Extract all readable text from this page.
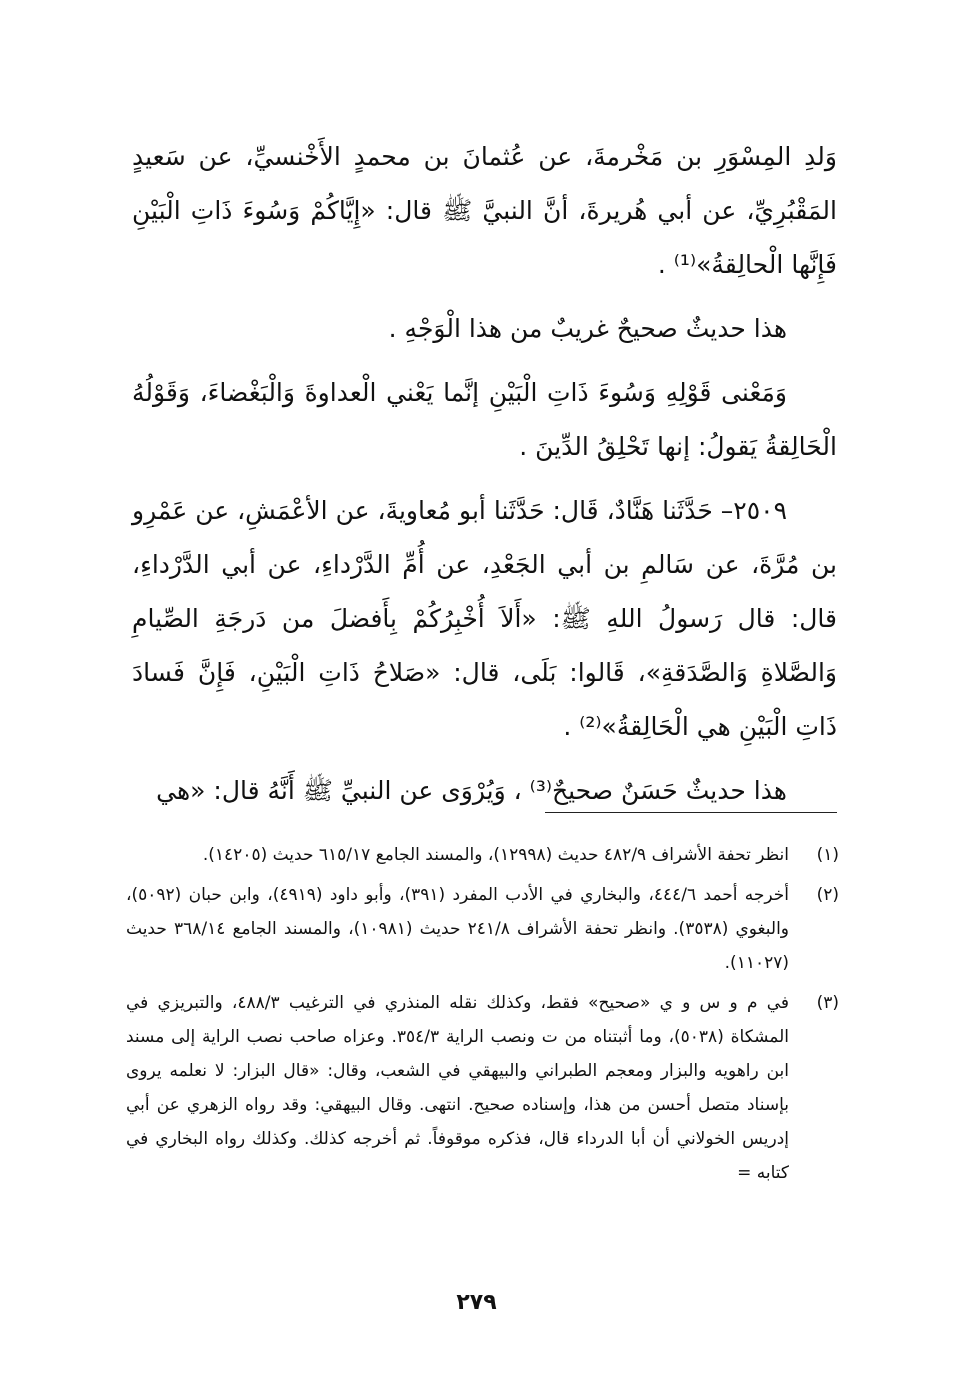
وَلدِ المِسْوَرِ بن مَخْرمةَ، عن عُثمانَ بن محمدٍ الأَخْنسيِّ، عن سَعيدٍ المَقْبُرِيِّ، عن أبي هُريرةَ، أنَّ النبيَّ ﷺ قال: «إِيَّاكُمْ وَسُوءَ ذَاتِ الْبَيْنِ فَإِنَّها الْحالِقةُ»⁽¹⁾ .

هذا حديثٌ صحيحٌ غريبٌ من هذا الْوَجْهِ .

وَمَعْنى قَوْلِهِ وَسُوءَ ذَاتِ الْبَيْنِ إنَّما يَعْني الْعداوةَ وَالْبَغْضاءَ، وَقَوْلُهُ الْحَالِقةُ يَقولُ: إنها تَحْلِقُ الدِّينَ .

٢٥٠٩– حَدَّثَنا هَنَّادٌ، قَال: حَدَّثَنا أبو مُعاويةَ، عن الأعْمَشِ، عن عَمْرِو بن مُرَّةَ، عن سَالمِ بن أبي الجَعْدِ، عن أُمِّ الدَّرْداءِ، عن أبي الدَّرْداءِ، قال: قال رَسولُ اللهِ ﷺ: «أَلاَ أُخْبِرُكُمْ بِأَفضلَ من دَرجَةِ الصِّيامِ وَالصَّلاةِ وَالصَّدَقةِ»، قَالوا: بَلَى، قال: «صَلاحُ ذَاتِ الْبَيْنِ، فَإِنَّ فَسادَ ذَاتِ الْبَيْنِ هي الْحَالِقةُ»⁽²⁾ .

هذا حديثٌ حَسَنٌ صحيحٌ⁽³⁾ ، وَيُرْوَى عن النبيِّ ﷺ أَنَّهُ قال: «هي

(١)
انظر تحفة الأشراف ٤٨٢/٩ حديث (١٢٩٩٨)، والمسند الجامع ٦١٥/١٧ حديث (١٤٢٠٥).
(٢)
أخرجه أحمد ٤٤٤/٦، والبخاري في الأدب المفرد (٣٩١)، وأبو داود (٤٩١٩)، وابن حبان (٥٠٩٢)، والبغوي (٣٥٣٨). وانظر تحفة الأشراف ٢٤١/٨ حديث (١٠٩٨١)، والمسند الجامع ٣٦٨/١٤ حديث (١١٠٢٧).
(٣)
في م و س و ي «صحيح» فقط، وكذلك نقله المنذري في الترغيب ٤٨٨/٣، والتبريزي في المشكاة (٥٠٣٨)، وما أثبتناه من ت ونصب الراية ٣٥٤/٣. وعزاه صاحب نصب الراية إلى مسند ابن راهويه والبزار ومعجم الطبراني والبيهقي في الشعب، وقال: «قال البزار: لا نعلمه يروى بإسناد متصل أحسن من هذا، وإسناده صحيح. انتهى. وقال البيهقي: وقد رواه الزهري عن أبي إدريس الخولاني أن أبا الدرداء قال، فذكره موقوفاً. ثم أخرجه كذلك. وكذلك رواه البخاري في كتابه =
٢٧٩
